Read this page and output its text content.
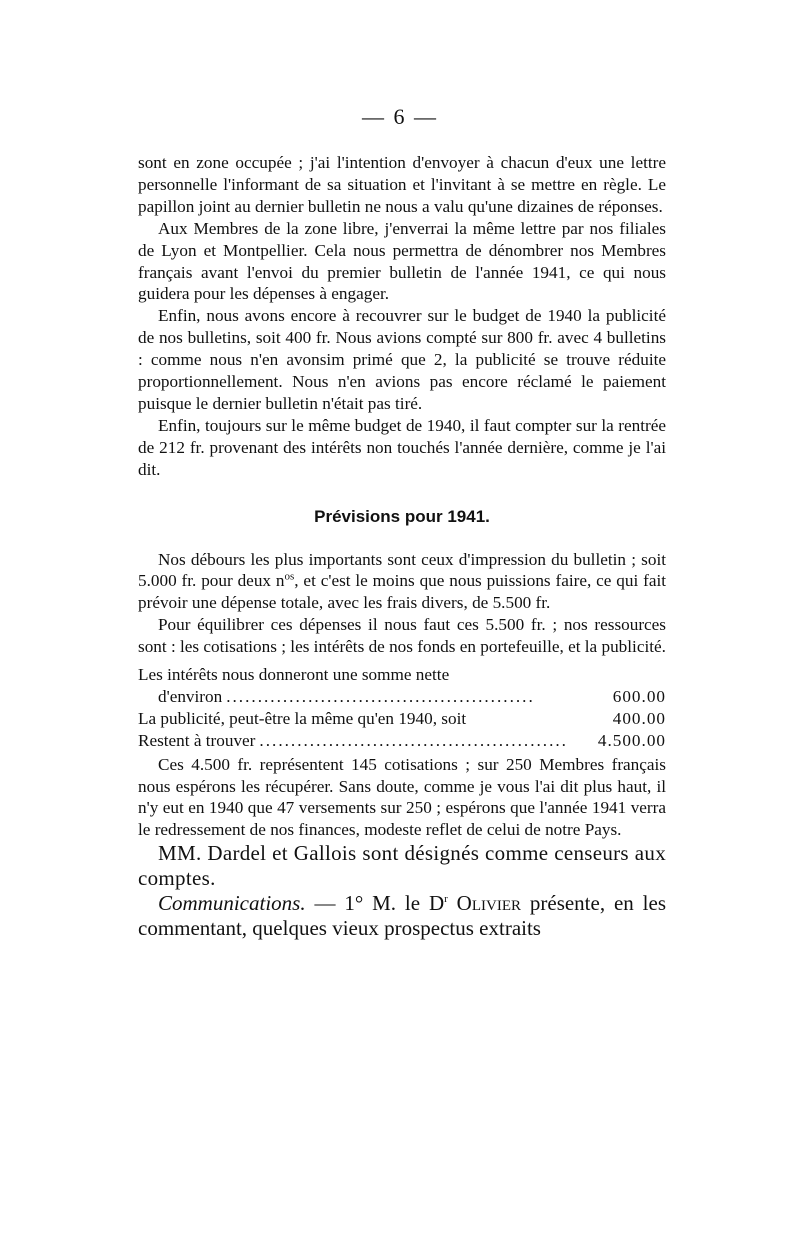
— 6 —

sont en zone occupée ; j'ai l'intention d'envoyer à chacun d'eux une lettre personnelle l'informant de sa situation et l'invitant à se mettre en règle. Le papillon joint au dernier bulletin ne nous a valu qu'une dizaines de réponses.

Aux Membres de la zone libre, j'enverrai la même lettre par nos filiales de Lyon et Montpellier. Cela nous permettra de dénombrer nos Membres français avant l'envoi du premier bulletin de l'année 1941, ce qui nous guidera pour les dépenses à engager.

Enfin, nous avons encore à recouvrer sur le budget de 1940 la publicité de nos bulletins, soit 400 fr. Nous avions compté sur 800 fr. avec 4 bulletins : comme nous n'en avonsim primé que 2, la publicité se trouve réduite proportionnellement. Nous n'en avions pas encore réclamé le paiement puisque le dernier bulletin n'était pas tiré.

Enfin, toujours sur le même budget de 1940, il faut compter sur la rentrée de 212 fr. provenant des intérêts non touchés l'année dernière, comme je l'ai dit.

Prévisions pour 1941.

Nos débours les plus importants sont ceux d'impression du bulletin ; soit 5.000 fr. pour deux $n^{os}$, et c'est le moins que nous puissions faire, ce qui fait prévoir une dépense totale, avec les frais divers, de 5.500 fr.

Pour équilibrer ces dépenses il nous faut ces 5.500 fr. ; nos ressources sont : les cotisations ; les intérêts de nos fonds en portefeuille, et la publicité.

Les intérêts nous donneront une somme nette
d'environ .................................................	600.00
La publicité, peut-être la même qu'en 1940, soit	400.00
Restent à trouver .................................................	4.500.00

Ces 4.500 fr. représentent 145 cotisations ; sur 250 Membres français nous espérons les récupérer. Sans doute, comme je vous l'ai dit plus haut, il n'y eut en 1940 que 47 versements sur 250 ; espérons que l'année 1941 verra le redressement de nos finances, modeste reflet de celui de notre Pays.

MM. Dardel et Gallois sont désignés comme censeurs aux comptes.

Communications. — 1° M. le $D^r$ Olivier présente, en les commentant, quelques vieux prospectus extraits
